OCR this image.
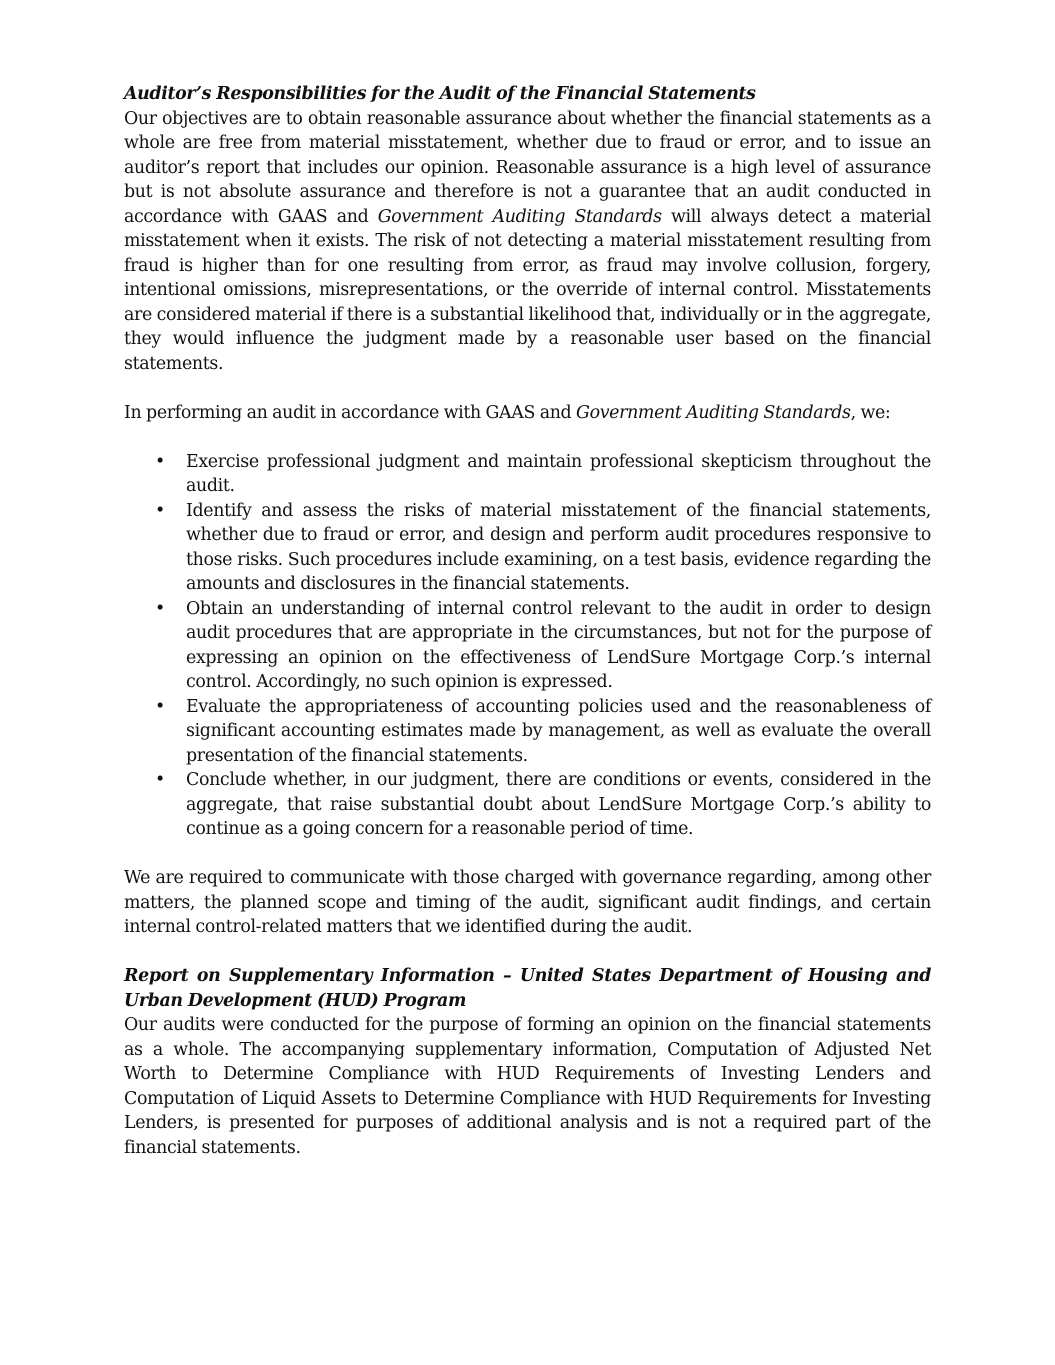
Auditor’s Responsibilities for the Audit of the Financial Statements

Our objectives are to obtain reasonable assurance about whether the financial statements as a whole are free from material misstatement, whether due to fraud or error, and to issue an auditor’s report that includes our opinion. Reasonable assurance is a high level of assurance but is not absolute assurance and therefore is not a guarantee that an audit conducted in accordance with GAAS and Government Auditing Standards will always detect a material misstatement when it exists. The risk of not detecting a material misstatement resulting from fraud is higher than for one resulting from error, as fraud may involve collusion, forgery, intentional omissions, misrepresentations, or the override of internal control. Misstatements are considered material if there is a substantial likelihood that, individually or in the aggregate, they would influence the judgment made by a reasonable user based on the financial statements.

In performing an audit in accordance with GAAS and Government Auditing Standards, we:

• Exercise professional judgment and maintain professional skepticism throughout the audit.
• Identify and assess the risks of material misstatement of the financial statements, whether due to fraud or error, and design and perform audit procedures responsive to those risks. Such procedures include examining, on a test basis, evidence regarding the amounts and disclosures in the financial statements.
• Obtain an understanding of internal control relevant to the audit in order to design audit procedures that are appropriate in the circumstances, but not for the purpose of expressing an opinion on the effectiveness of LendSure Mortgage Corp.’s internal control. Accordingly, no such opinion is expressed.
• Evaluate the appropriateness of accounting policies used and the reasonableness of significant accounting estimates made by management, as well as evaluate the overall presentation of the financial statements.
• Conclude whether, in our judgment, there are conditions or events, considered in the aggregate, that raise substantial doubt about LendSure Mortgage Corp.’s ability to continue as a going concern for a reasonable period of time.

We are required to communicate with those charged with governance regarding, among other matters, the planned scope and timing of the audit, significant audit findings, and certain internal control-related matters that we identified during the audit.

Report on Supplementary Information – United States Department of Housing and Urban Development (HUD) Program

Our audits were conducted for the purpose of forming an opinion on the financial statements as a whole. The accompanying supplementary information, Computation of Adjusted Net Worth to Determine Compliance with HUD Requirements of Investing Lenders and Computation of Liquid Assets to Determine Compliance with HUD Requirements for Investing Lenders, is presented for purposes of additional analysis and is not a required part of the financial statements.
